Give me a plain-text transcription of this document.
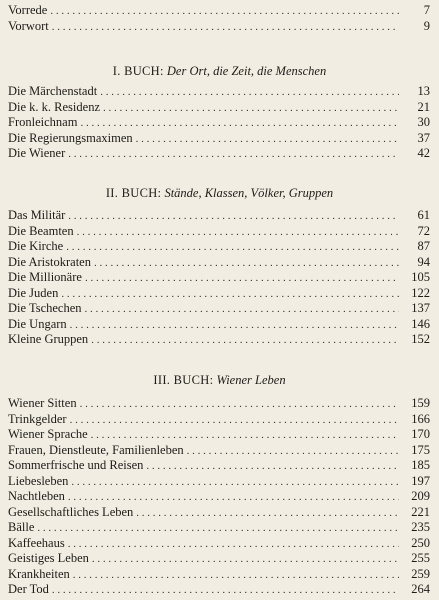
Vorrede . . .	7
Vorwort . . .	9
I. BUCH: Der Ort, die Zeit, die Menschen
Die Märchenstadt . . .	13
Die k. k. Residenz . . .	21
Fronleichnam . . .	30
Die Regierungsmaximen . . .	37
Die Wiener . . .	42
II. BUCH: Stände, Klassen, Völker, Gruppen
Das Militär . . .	61
Die Beamten . . .	72
Die Kirche . . .	87
Die Aristokraten . . .	94
Die Millionäre . . .	105
Die Juden . . .	122
Die Tschechen . . .	137
Die Ungarn . . .	146
Kleine Gruppen . . .	152
III. BUCH: Wiener Leben
Wiener Sitten . . .	159
Trinkgelder . . .	166
Wiener Sprache . . .	170
Frauen, Dienstleute, Familienleben . . .	175
Sommerfrische und Reisen . . .	185
Liebesleben . . .	197
Nachtleben . . .	209
Gesellschaftliches Leben . . .	221
Bälle . . .	235
Kaffeehaus . . .	250
Geistiges Leben . . .	255
Krankheiten . . .	259
Der Tod . . .	264
